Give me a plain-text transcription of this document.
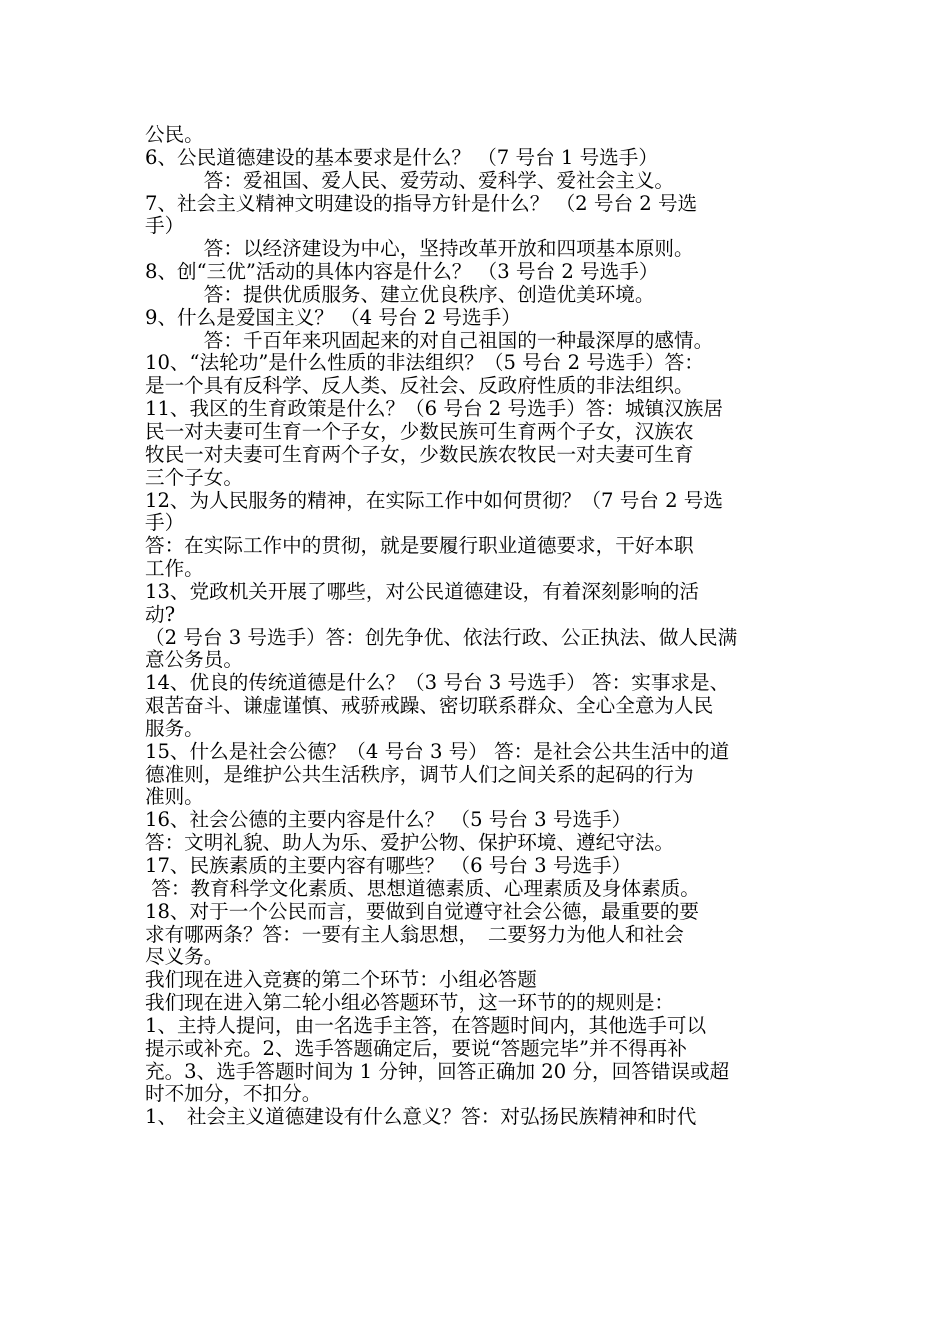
公民。
6、公民道德建设的基本要求是什么？ （7 号台 1 号选手）
　　　答：爱祖国、爱人民、爱劳动、爱科学、爱社会主义。
7、社会主义精神文明建设的指导方针是什么？ （2 号台 2 号选
手）
　　　答：以经济建设为中心，坚持改革开放和四项基本原则。
8、创“三优”活动的具体内容是什么？ （3 号台 2 号选手）
　　　答：提供优质服务、建立优良秩序、创造优美环境。
9、什么是爱国主义？ （4 号台 2 号选手）
　　　答：千百年来巩固起来的对自己祖国的一种最深厚的感情。
10、“法轮功”是什么性质的非法组织？（5 号台 2 号选手）答：
是一个具有反科学、反人类、反社会、反政府性质的非法组织。
11、我区的生育政策是什么？（6 号台 2 号选手）答：城镇汉族居
民一对夫妻可生育一个子女，少数民族可生育两个子女，汉族农
牧民一对夫妻可生育两个子女，少数民族农牧民一对夫妻可生育
三个子女。
12、为人民服务的精神，在实际工作中如何贯彻？（7 号台 2 号选
手）
答：在实际工作中的贯彻，就是要履行职业道德要求，干好本职
工作。
13、党政机关开展了哪些，对公民道德建设，有着深刻影响的活
动?
（2 号台 3 号选手）答：创先争优、依法行政、公正执法、做人民满
意公务员。
14、优良的传统道德是什么？（3 号台 3 号选手） 答：实事求是、
艰苦奋斗、谦虚谨慎、戒骄戒躁、密切联系群众、全心全意为人民
服务。
15、什么是社会公德？（4 号台 3 号） 答：是社会公共生活中的道
德准则，是维护公共生活秩序，调节人们之间关系的起码的行为
准则。
16、社会公德的主要内容是什么？ （5 号台 3 号选手）
答：文明礼貌、助人为乐、爱护公物、保护环境、遵纪守法。
17、民族素质的主要内容有哪些？ （6 号台 3 号选手）
答：教育科学文化素质、思想道德素质、心理素质及身体素质。
18、对于一个公民而言，要做到自觉遵守社会公德，最重要的要
求有哪两条？答：一要有主人翁思想，　二要努力为他人和社会
尽义务。
我们现在进入竞赛的第二个环节：小组必答题
我们现在进入第二轮小组必答题环节，这一环节的的规则是：
1、主持人提问，由一名选手主答，在答题时间内，其他选手可以
提示或补充。2、选手答题确定后，要说“答题完毕”并不得再补
充。3、选手答题时间为 1 分钟，回答正确加 20 分，回答错误或超
时不加分，不扣分。
1、　社会主义道德建设有什么意义？答：对弘扬民族精神和时代
